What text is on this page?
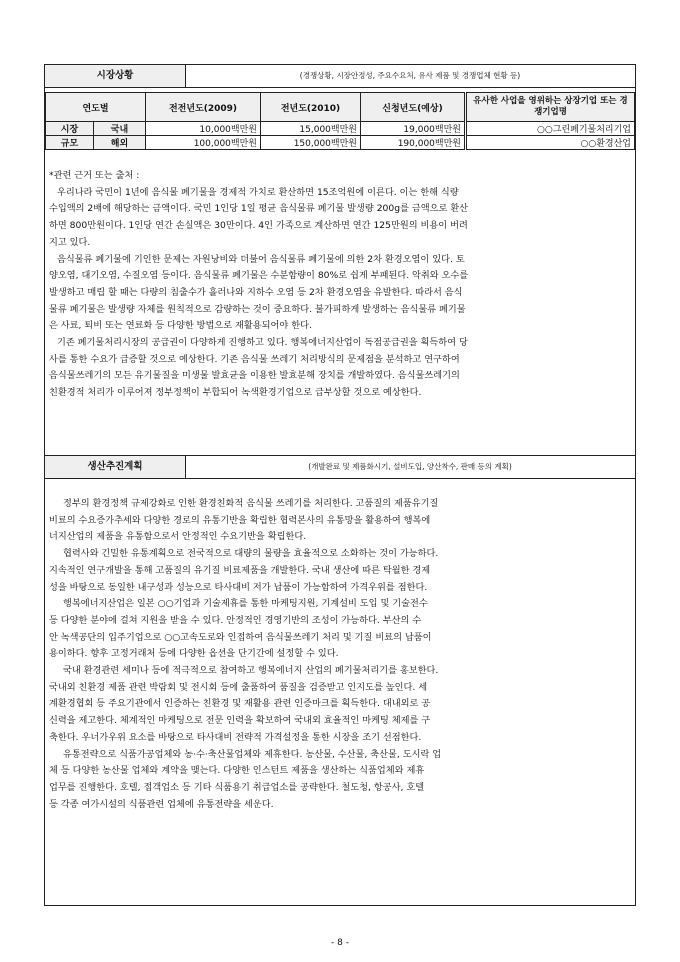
시장상황	(경쟁상황, 시장안정성, 주요수요처, 유사 제품 및 경쟁업체 현황 등)
연도별		전전년도(2009)	전년도(2010)	신청년도(예상)	유사한 사업을 영위하는 상장기업 또는 경쟁기업명
시장	국내	10,000백만원	15,000백만원	19,000백만원	○○그린폐기물처리기업
규모	해외	100,000백만원	150,000백만원	190,000백만원	○○환경산업
*관련 근거 또는 출처 :
우리나라 국민이 1년에 음식물 폐기물을 경제적 가치로 환산하면 15조억원에 이른다. 이는 한해 식량
수입액의 2배에 해당하는 금액이다. 국민 1인당 1일 평균 음식물류 폐기물 발생량 200g를 금액으로 환산
하면 800만원이다. 1인당 연간 손실액은 30만이다. 4인 가족으로 계산하면 연간 125만원의 비용이 버려
지고 있다.
음식물류 폐기물에 기인한 문제는 자원낭비와 더불어 음식물류 폐기물에 의한 2차 환경오염이 있다. 토
양오염, 대기오염, 수질오염 등이다. 음식물류 폐기물은 수분함량이 80%로 쉽게 부패된다. 악취와 오수를
발생하고 매립 할 때는 다량의 침출수가 흘러나와 지하수 오염 등 2차 환경오염을 유발한다. 따라서 음식
물류 폐기물은 발생량 자체를 원칙적으로 감량하는 것이 중요하다. 불가피하게 발생하는 음식물류 폐기물
은 사료, 퇴비 또는 연료화 등 다양한 방법으로 재활용되어야 한다.
기존 폐기물처리시장의 공급권이 다양하게 진행하고 있다. 행복에너지산업이 독점공급권을 획득하여 당
사를 통한 수요가 급증할 것으로 예상한다. 기존 음식물 쓰레기 처리방식의 문제점을 분석하고 연구하여
음식물쓰레기의 모든 유기물질을 미생물 발효균을 이용한 발효분해 장치를 개발하였다. 음식물쓰레기의
친환경적 처리가 이루어져 정부정책이 부합되어 녹색환경기업으로 급부상할 것으로 예상한다.
생산추진계획	(개발완료 및 제품화시기, 설비도입, 양산착수, 판매 등의 계획)
정부의 환경정책 규제강화로 인한 환경친화적 음식물 쓰레기를 처리한다. 고품질의 제품유기질
비료의 수요증가추세와 다양한 경로의 유통기반을 확립한 협력본사의 유통망을 활용하여 행복에
너지산업의 제품을 유통함으로서 안정적인 수요기반을 확립한다.
협력사와 긴밀한 유통계획으로 전국적으로 대량의 물량을 효율적으로 소화하는 것이 가능하다.
지속적인 연구개발을 통해 고품질의 유기질 비료제품을 개발한다. 국내 생산에 따른 탁월한 경제
성을 바탕으로 동일한 내구성과 성능으로 타사대비 저가 납품이 가능함하여 가격우위를 점한다.
행복에너지산업은 일본 ○○기업과 기술제휴를 통한 마케팅지원, 기계설비 도입 및 기술전수
등 다양한 분야에 걸쳐 지원을 받을 수 있다. 안정적인 경영기반의 조성이 가능하다. 부산의 수
안 녹색공단의 입주기업으로 ○○고속도로와 인접하여 음식물쓰레기 처리 및 기질 비료의 납품이
용이하다. 향후 고정거래처 등에 다양한 옵션을 단기간에 설정할 수 있다.
국내 환경관련 세미나 등에 적극적으로 참여하고 행복에너지 산업의 폐기물처리기를 홍보한다.
국내외 친환경 제품 관련 박람회 및 전시회 등에 출품하여 품질을 검증받고 인지도를 높인다. 세
계환경협회 등 주요기관에서 인증하는 친환경 및 재활용 관련 인증마크를 획득한다. 대내외로 공
신력을 제고한다. 체계적인 마케팅으로 전문 인력을 확보하여 국내외 효율적인 마케팅 체제를 구
축한다. 우너가우위 요소를 바탕으로 타사대비 전략적 가격설정을 통한 시장을 조기 선점한다.
유통전략으로 식품가공업체와 농·수·축산물업체와 제휴한다. 농산물, 수산물, 축산물, 도시락 업
체 등 다양한 농산물 업체와 계약을 맺는다. 다양한 인스턴트 제품을 생산하는 식품업체와 제휴
업무를 진행한다. 호텔, 접객업소 등 기타 식품용기 취급업소를 공략한다. 철도청, 항공사, 호텔
등 각종 여가시설의 식품관련 업체에 유통전략을 세운다.
- 8 -
